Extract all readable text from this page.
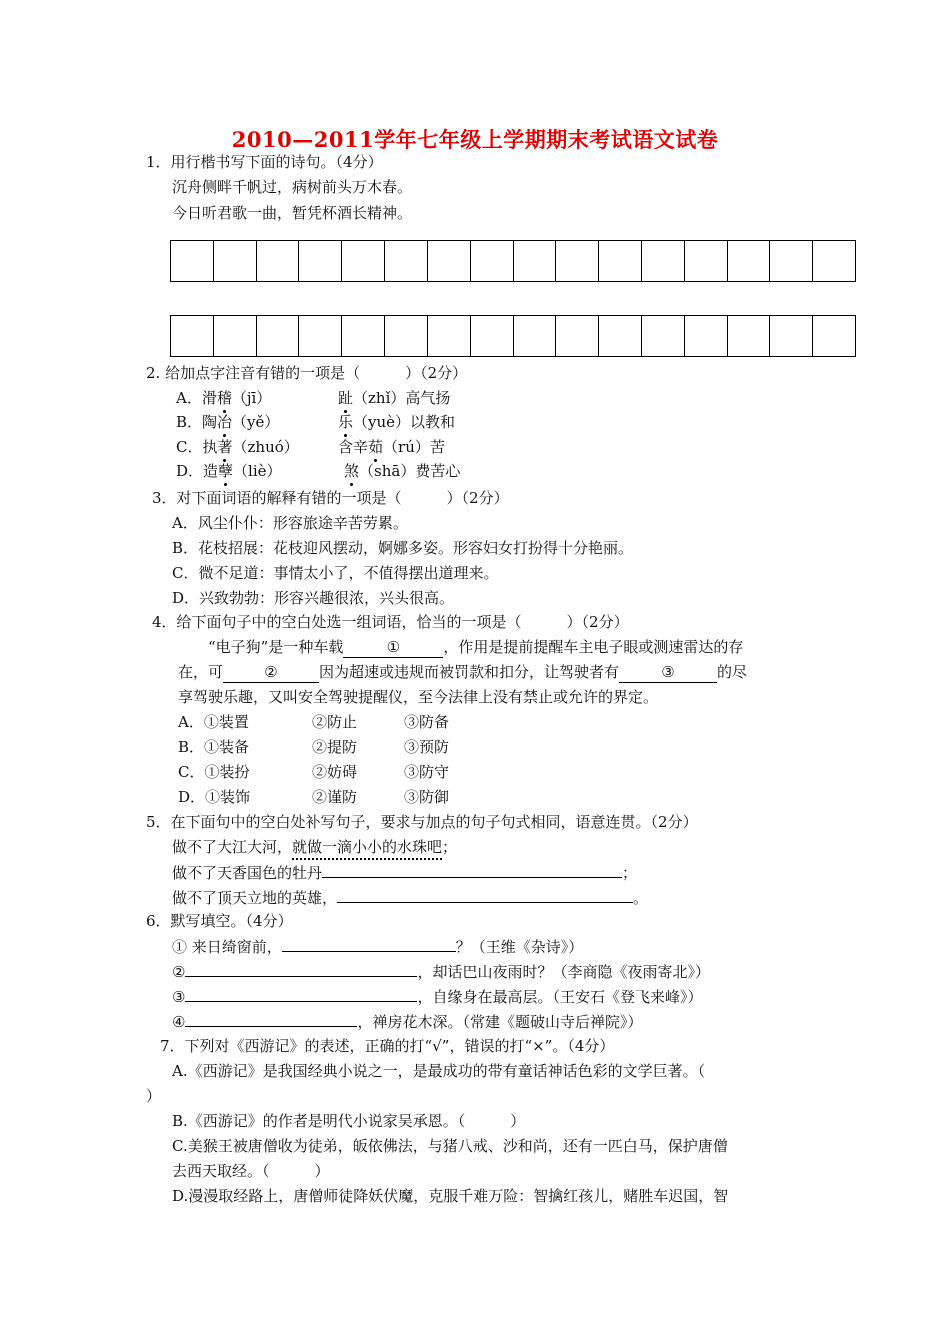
2010—2011学年七年级上学期期末考试语文试卷
1．用行楷书写下面的诗句。（4分）
沉舟侧畔千帆过，病树前头万木春。
今日听君歌一曲，暂凭杯酒长精神。
2. 给加点字注音有错的一项是（　　　）（2分）
A．滑稽（jī）	趾（zhǐ）高气扬
B．陶冶（yě）	乐（yuè）以教和
C．执著（zhuó）	含辛茹（rú）苦
D．造孽（liè）	煞（shā）费苦心
3．对下面词语的解释有错的一项是（　　　）（2分）
A．风尘仆仆：形容旅途辛苦劳累。
B．花枝招展：花枝迎风摆动，婀娜多姿。形容妇女打扮得十分艳丽。
C．微不足道：事情太小了，不值得摆出道理来。
D．兴致勃勃：形容兴趣很浓，兴头很高。
4．给下面句子中的空白处选一组词语，恰当的一项是（　　　）（2分）
“电子狗”是一种车载	①	，作用是提前提醒车主电子眼或测速雷达的存
在，可	②	因为超速或违规而被罚款和扣分，让驾驶者有	③	的尽
享驾驶乐趣，又叫安全驾驶提醒仪，至今法律上没有禁止或允许的界定。
A．①装置	②防止	③防备
B．①装备	②提防	③预防
C．①装扮	②妨碍	③防守
D．①装饰	②谨防	③防御
5．在下面句中的空白处补写句子，要求与加点的句子句式相同，语意连贯。（2分）
做不了大江大河，就做一滴小小的水珠吧；
做不了天香国色的牡丹	；
做不了顶天立地的英雄，	。
6．默写填空。（4分）
① 来日绮窗前，	？（王维《杂诗》）
②	，却话巴山夜雨时？（李商隐《夜雨寄北》）
③	，自缘身在最高层。（王安石《登飞来峰》）
④	，禅房花木深。（常建《题破山寺后禅院》）
7．下列对《西游记》的表述，正确的打“√”，错误的打“×”。（4分）
A.《西游记》是我国经典小说之一，是最成功的带有童话神话色彩的文学巨著。（
）
B.《西游记》的作者是明代小说家吴承恩。（　　　）
C.美猴王被唐僧收为徒弟，皈依佛法，与猪八戒、沙和尚，还有一匹白马，保护唐僧
去西天取经。（　　　）
D.漫漫取经路上，唐僧师徒降妖伏魔，克服千难万险：智擒红孩儿，赌胜车迟国，智
